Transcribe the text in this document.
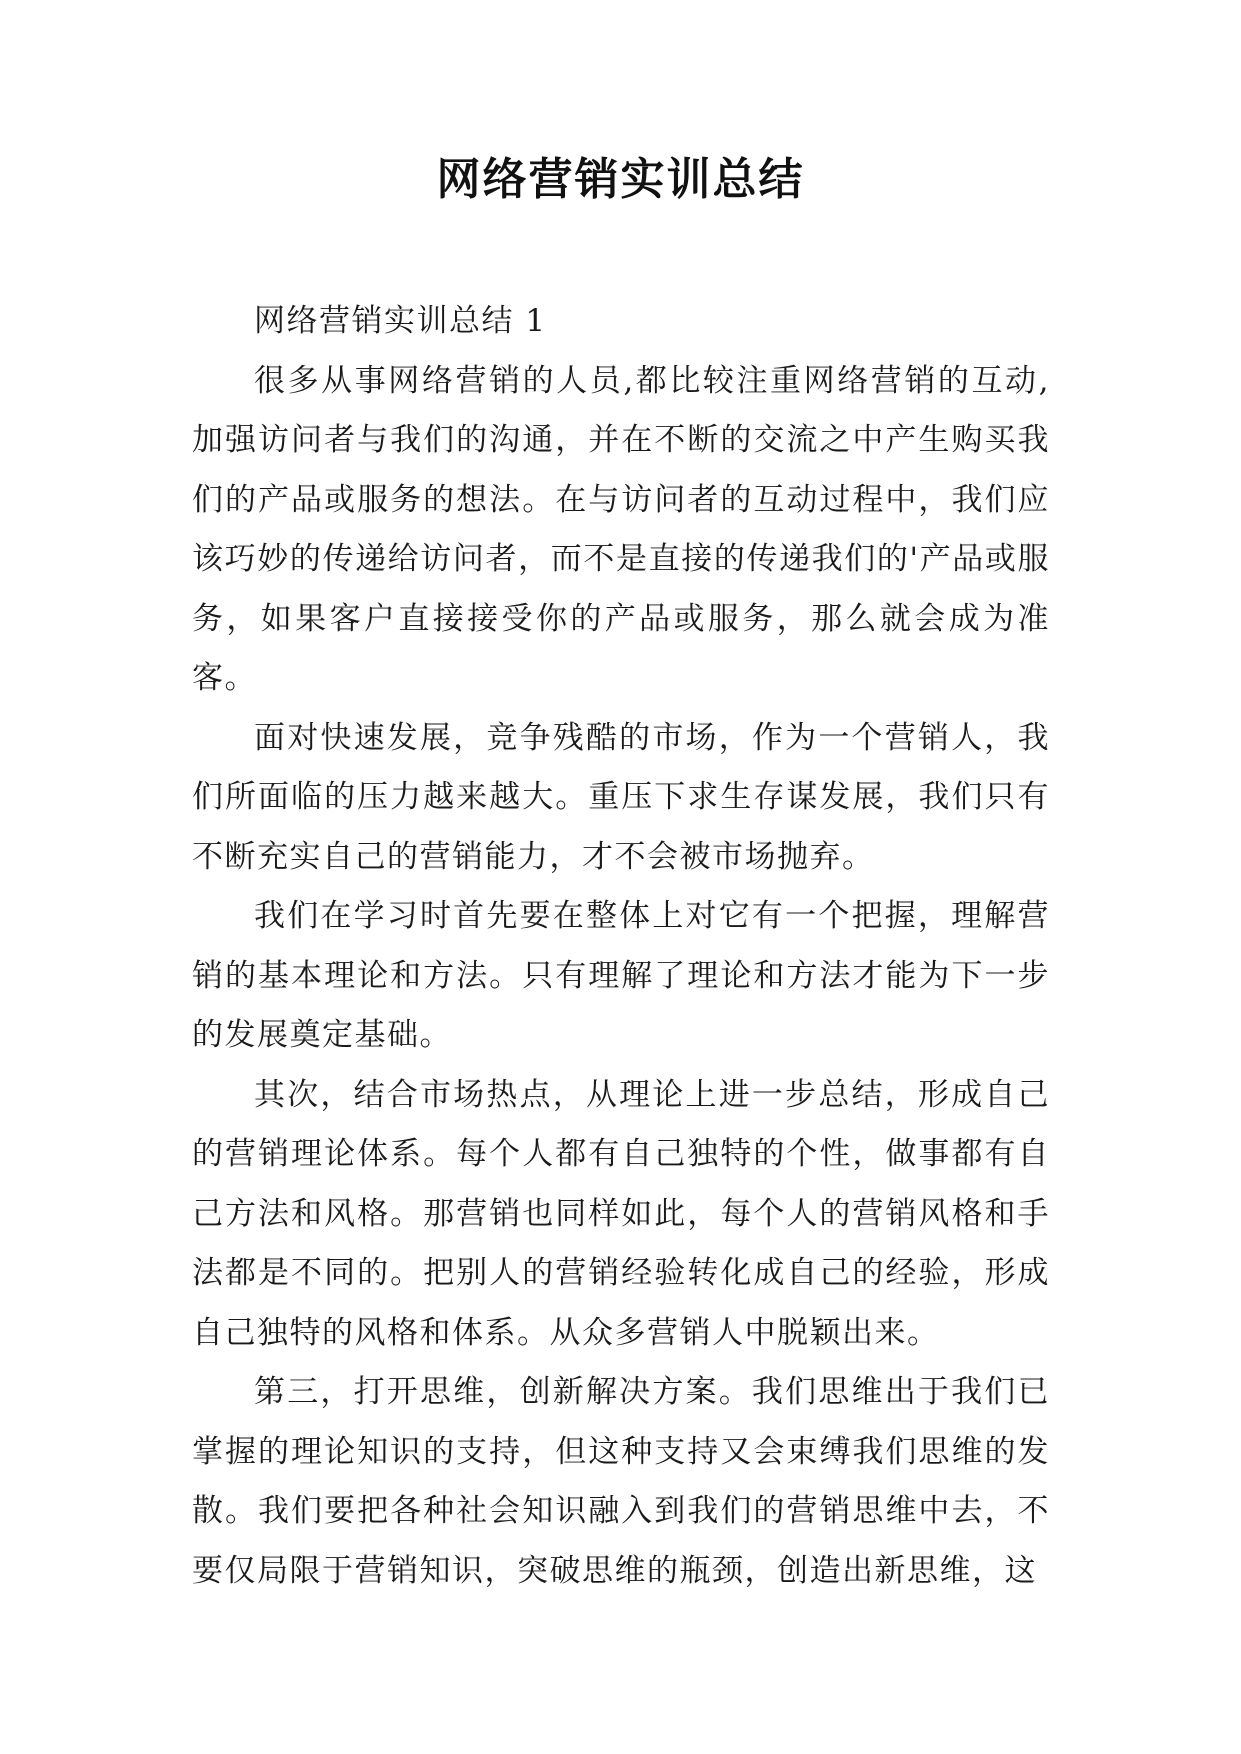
网络营销实训总结

网络营销实训总结 1

很多从事网络营销的人员,都比较注重网络营销的互动,加强访问者与我们的沟通，并在不断的交流之中产生购买我们的产品或服务的想法。在与访问者的互动过程中，我们应该巧妙的传递给访问者，而不是直接的传递我们的'产品或服务，如果客户直接接受你的产品或服务，那么就会成为准客。

面对快速发展，竞争残酷的市场，作为一个营销人，我们所面临的压力越来越大。重压下求生存谋发展，我们只有不断充实自己的营销能力，才不会被市场抛弃。

我们在学习时首先要在整体上对它有一个把握，理解营销的基本理论和方法。只有理解了理论和方法才能为下一步的发展奠定基础。

其次，结合市场热点，从理论上进一步总结，形成自己的营销理论体系。每个人都有自己独特的个性，做事都有自己方法和风格。那营销也同样如此，每个人的营销风格和手法都是不同的。把别人的营销经验转化成自己的经验，形成自己独特的风格和体系。从众多营销人中脱颖出来。

第三，打开思维，创新解决方案。我们思维出于我们已掌握的理论知识的支持，但这种支持又会束缚我们思维的发散。我们要把各种社会知识融入到我们的营销思维中去，不要仅局限于营销知识，突破思维的瓶颈，创造出新思维，这
